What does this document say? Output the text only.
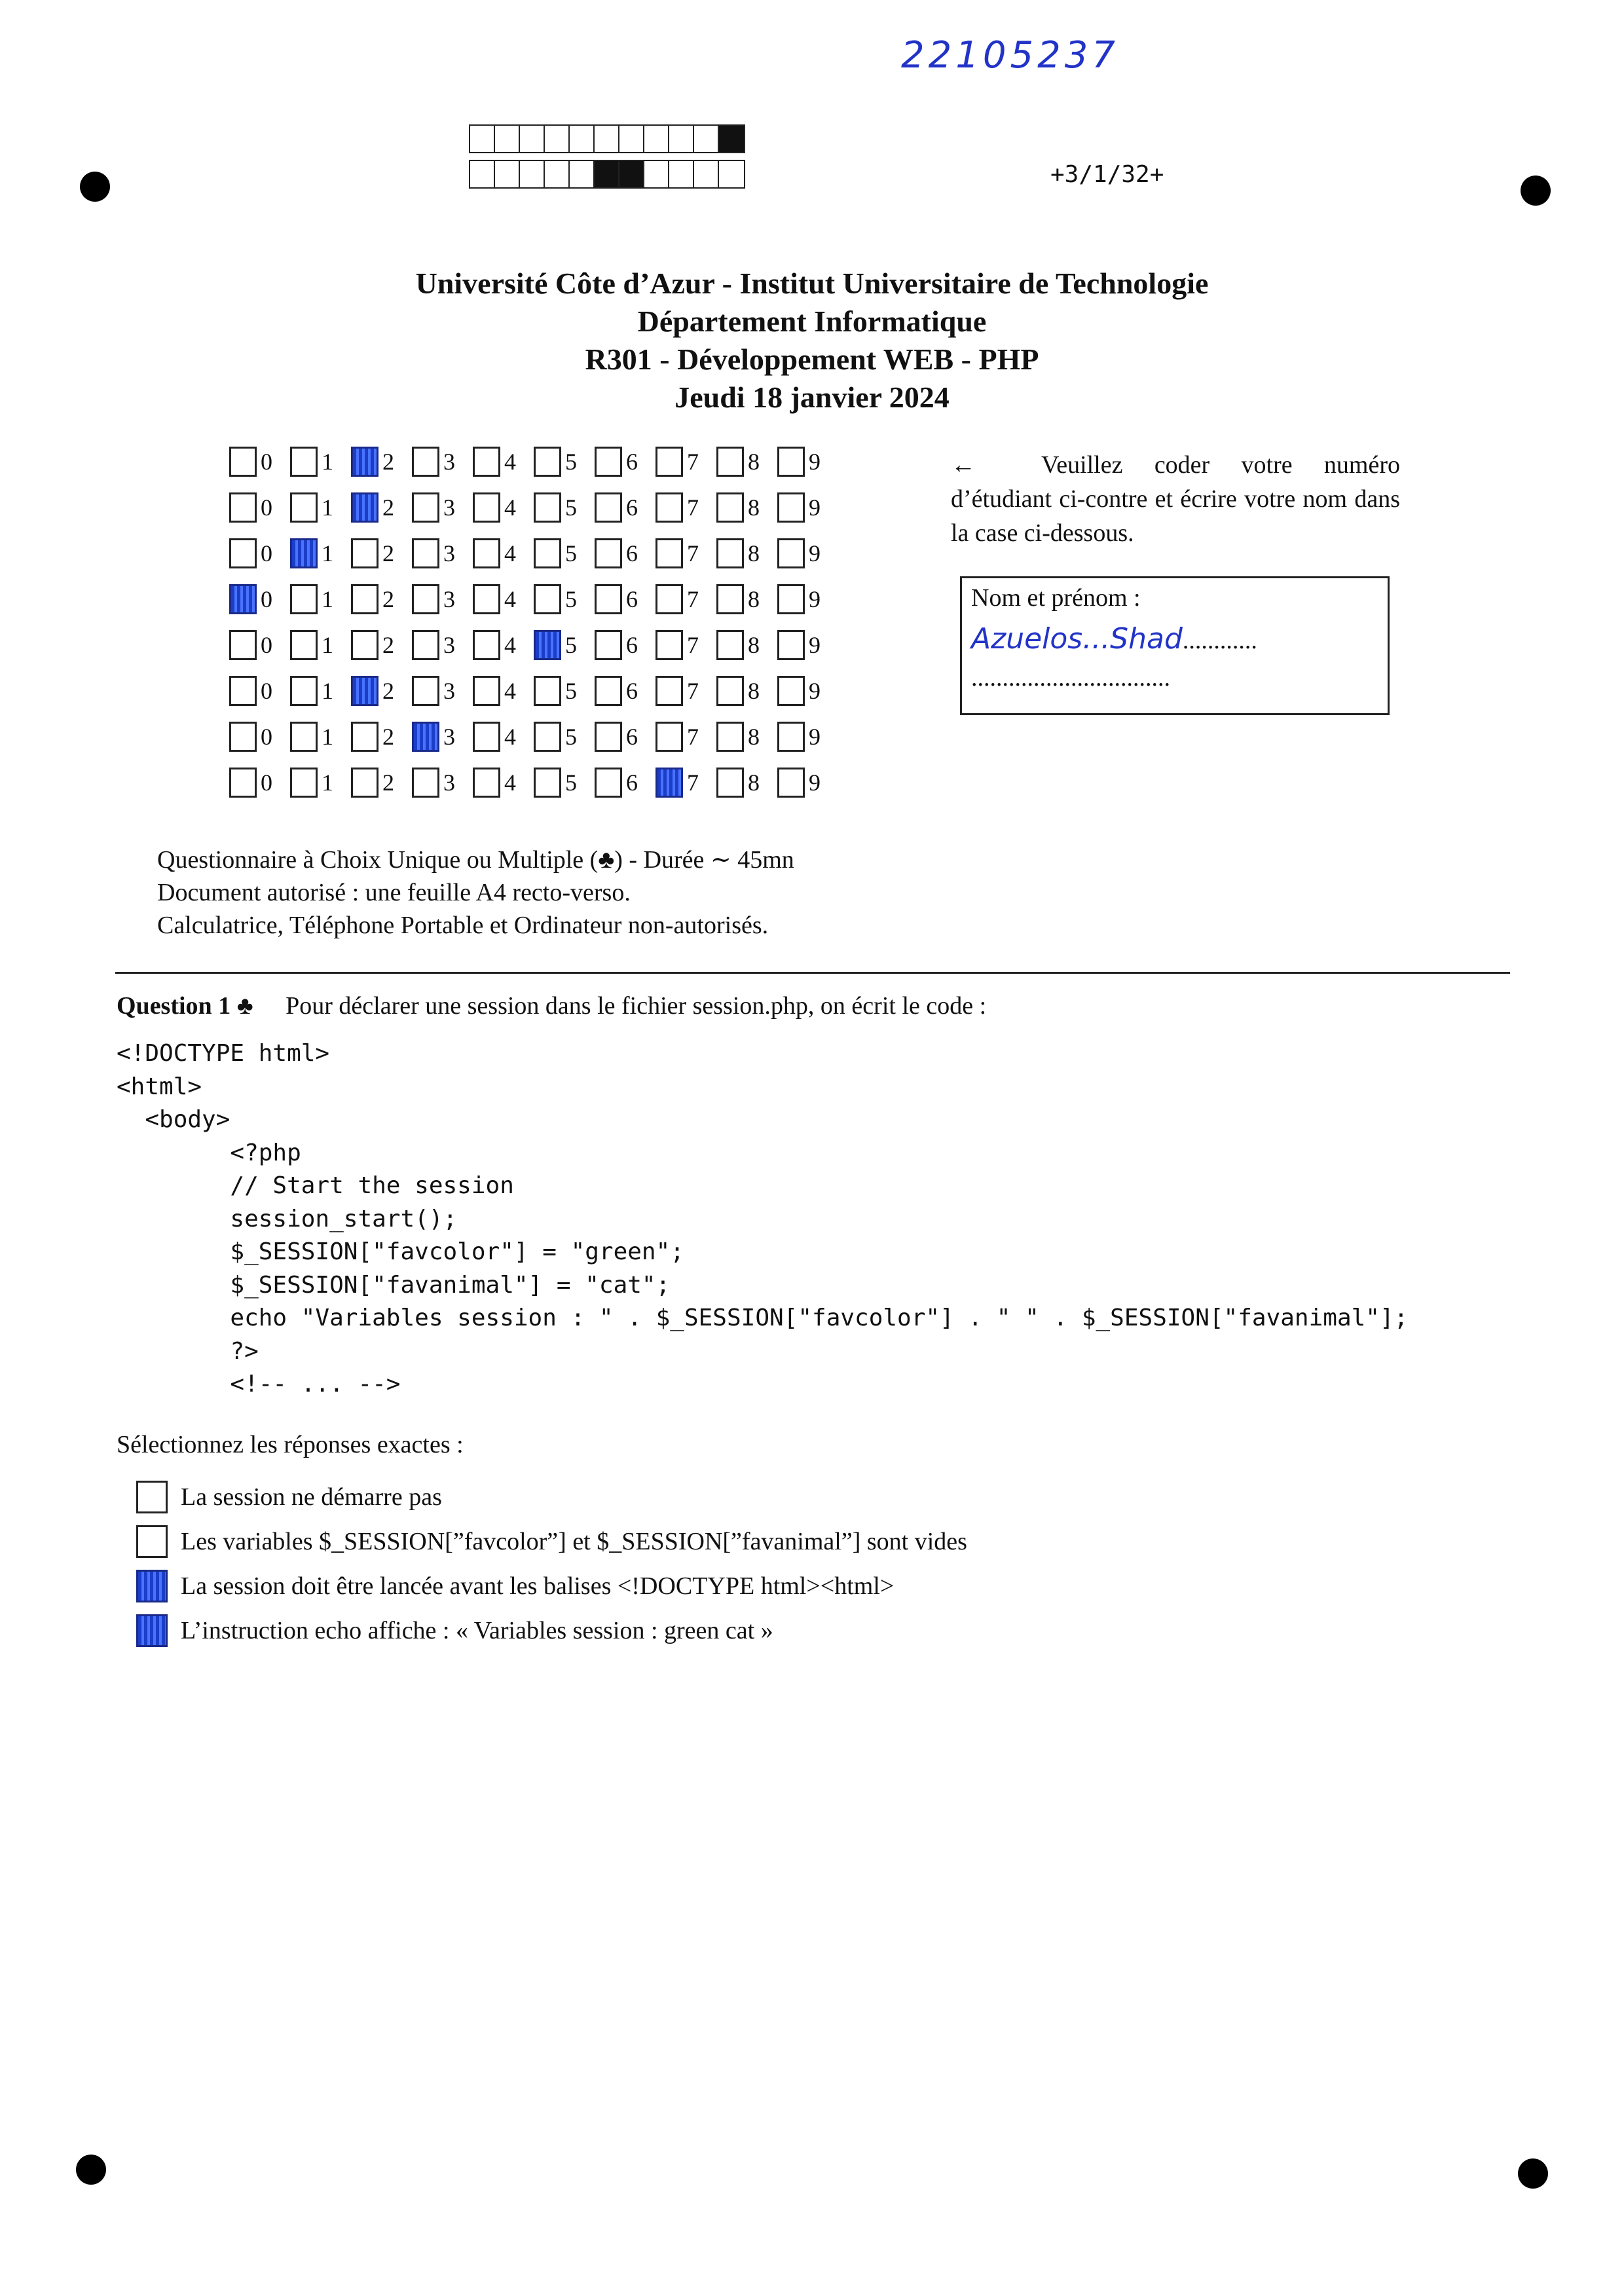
22105237
+3/1/32+
Université Côte d’Azur - Institut Universitaire de Technologie
Département Informatique
R301 - Développement WEB - PHP
Jeudi 18 janvier 2024
0 1 2 3 4 5 6 7 8 9
0 1 2 3 4 5 6 7 8 9
0 1 2 3 4 5 6 7 8 9
0 1 2 3 4 5 6 7 8 9
0 1 2 3 4 5 6 7 8 9
0 1 2 3 4 5 6 7 8 9
0 1 2 3 4 5 6 7 8 9
0 1 2 3 4 5 6 7 8 9
←	Veuillez coder votre numéro d’étudiant ci-contre et écrire votre nom dans la case ci-dessous.
Nom et prénom :
Azuelos...Shad............
................................
Questionnaire à Choix Unique ou Multiple (♣) - Durée ∼ 45mn
Document autorisé : une feuille A4 recto-verso.
Calculatrice, Téléphone Portable et Ordinateur non-autorisés.
Question 1 ♣ Pour déclarer une session dans le fichier session.php, on écrit le code :
<!DOCTYPE html>
<html>
<body>
<?php
// Start the session
session_start();
$_SESSION["favcolor"] = "green";
$_SESSION["favanimal"] = "cat";
echo "Variables session : " . $_SESSION["favcolor"] . " " . $_SESSION["favanimal"];
?>
<!-- ... -->
Sélectionnez les réponses exactes :
La session ne démarre pas
Les variables $_SESSION[”favcolor”] et $_SESSION[”favanimal”] sont vides
La session doit être lancée avant les balises <!DOCTYPE html><html>
L’instruction echo affiche : « Variables session : green cat »
